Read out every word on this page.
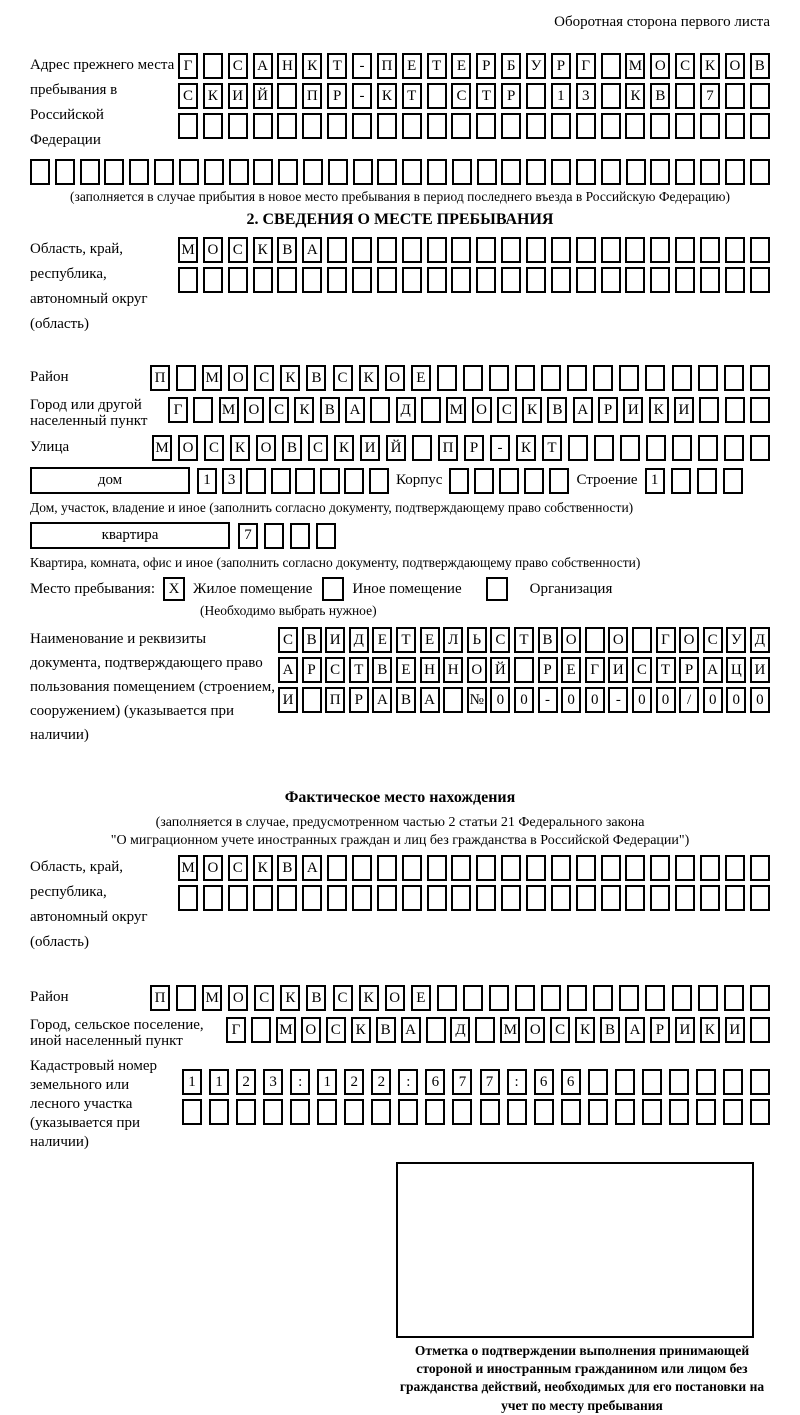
Оборотная сторона первого листа
Адрес прежнего места пребывания в Российской Федерации
Г	С А Н К	Т	-	П Е	Т	Е	Р	Б	У	Р	Г	М О С К О В
С К И Й	П	Р	-	К	Т	С	Т	Р	1	3	К В	7
(заполняется в случае прибытия в новое место пребывания в период последнего въезда в Российскую Федерацию)
2. СВЕДЕНИЯ О МЕСТЕ ПРЕБЫВАНИЯ
Область, край, республика, автономный округ (область)
М О С К В А
Район	П	М О	С	К	В	С	К	О	Е
Город или другой населенный пункт
Г	М О С	К	В А	Д	М О С	К	В А	Р	И К И
Улица	М О	С	К	О	В	С	К	И	Й	П	Р	-	К	Т
дом	1	3	Корпус	Строение 1
Дом, участок, владение и иное (заполнить согласно документу, подтверждающему право собственности)
квартира	7
Квартира, комната, офис и иное (заполнить согласно документу, подтверждающему право собственности)
Место пребывания: X Жилое помещение	Иное помещение	Организация
(Необходимо выбрать нужное)
Наименование и реквизиты документа, подтверждающего право пользования помещением (строением, сооружением) (указывается при наличии)
С В И Д Е Т Е Л Ь С Т В О	О	Г О С У Д
А Р С Т В Е Н Н О Й	Р Е Г И С Т Р А Ц И
И	П Р А В А	№ 0	0	-	0	0	-	0	0	/	0	0	0
Фактическое место нахождения
(заполняется в случае, предусмотренном частью 2 статьи 21 Федерального закона
"О миграционном учете иностранных граждан и лиц без гражданства в Российской Федерации")
Область, край, республика, автономный округ (область)
М О С К В А
Район	П	М О	С	К	В	С	К	О	Е
Город, сельское поселение, иной населенный пункт
Г	М О С К В А	Д	М О С К В А	Р	И К И
Кадастровый номер земельного или лесного участка (указывается при наличии)
1	1	2	3	:	1	2	2	:	6	7	7	:	6	6
Отметка о подтверждении выполнения принимающей стороной и иностранным гражданином или лицом без гражданства действий, необходимых для его постановки на учет по месту пребывания
